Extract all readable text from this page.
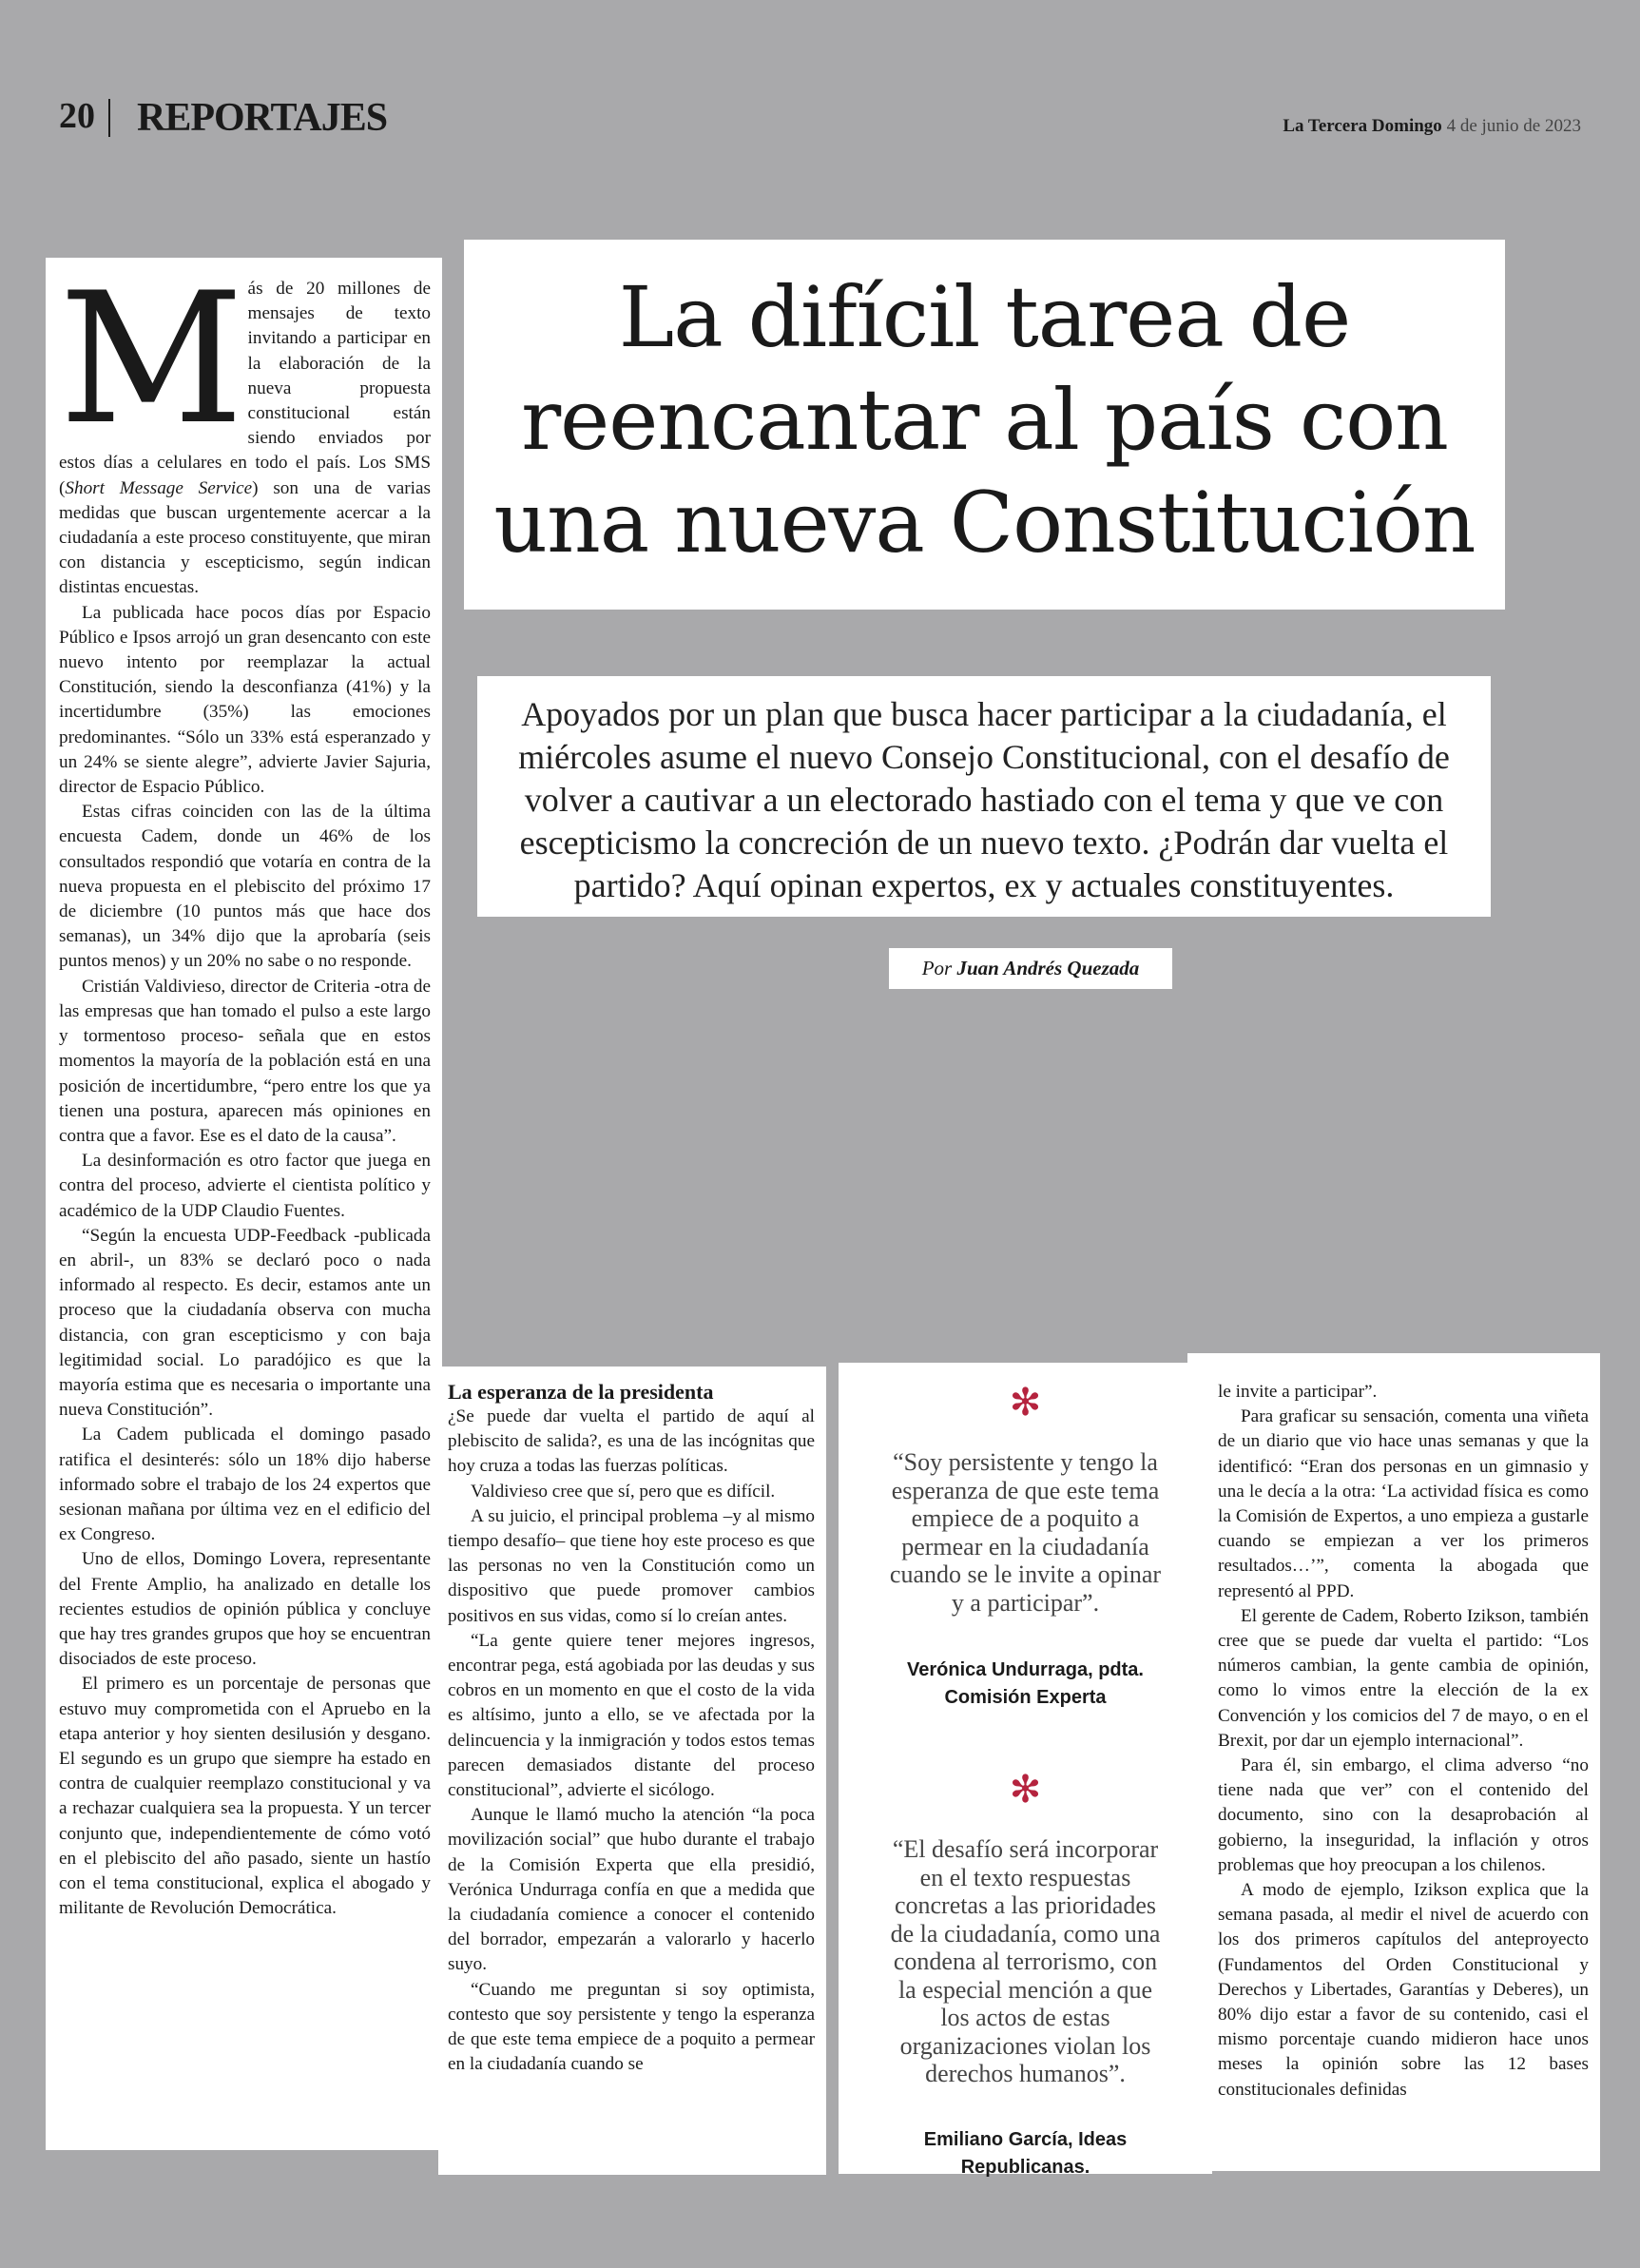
20 REPORTAJES	La Tercera Domingo 4 de junio de 2023
La difícil tarea de
reencantar al país con
una nueva Constitución
Apoyados por un plan que busca hacer participar a la ciudadanía, el
miércoles asume el nuevo Consejo Constitucional, con el desafío de
volver a cautivar a un electorado hastiado con el tema y que ve con
escepticismo la concreción de un nuevo texto. ¿Podrán dar vuelta el
partido? Aquí opinan expertos, ex y actuales constituyentes.
Por Juan Andrés Quezada
M ás de 20 millones de mensajes de texto invitando a participar en la elaboración de la nueva propuesta constitucional están siendo enviados por estos días a celulares en todo el país. Los SMS (Short Message Service) son una de varias medidas que buscan urgentemente acercar a la ciudadanía a este proceso constituyente, que miran con distancia y escepticismo, según indican distintas encuestas.

La publicada hace pocos días por Espacio Público e Ipsos arrojó un gran desencanto con este nuevo intento por reemplazar la actual Constitución, siendo la desconfianza (41%) y la incertidumbre (35%) las emociones predominantes. “Sólo un 33% está esperanzado y un 24% se siente alegre”, advierte Javier Sajuria, director de Espacio Público.

Estas cifras coinciden con las de la última encuesta Cadem, donde un 46% de los consultados respondió que votaría en contra de la nueva propuesta en el plebiscito del próximo 17 de diciembre (10 puntos más que hace dos semanas), un 34% dijo que la aprobaría (seis puntos menos) y un 20% no sabe o no responde.

Cristián Valdivieso, director de Criteria -otra de las empresas que han tomado el pulso a este largo y tormentoso proceso- señala que en estos momentos la mayoría de la población está en una posición de incertidumbre, “pero entre los que ya tienen una postura, aparecen más opiniones en contra que a favor. Ese es el dato de la causa”.

La desinformación es otro factor que juega en contra del proceso, advierte el cientista político y académico de la UDP Claudio Fuentes.

“Según la encuesta UDP-Feedback -publicada en abril-, un 83% se declaró poco o nada informado al respecto. Es decir, estamos ante un proceso que la ciudadanía observa con mucha distancia, con gran escepticismo y con baja legitimidad social. Lo paradójico es que la mayoría estima que es necesaria o importante una nueva Constitución”.

La Cadem publicada el domingo pasado ratifica el desinterés: sólo un 18% dijo haberse informado sobre el trabajo de los 24 expertos que sesionan mañana por última vez en el edificio del ex Congreso.

Uno de ellos, Domingo Lovera, representante del Frente Amplio, ha analizado en detalle los recientes estudios de opinión pública y concluye que hay tres grandes grupos que hoy se encuentran disociados de este proceso.

El primero es un porcentaje de personas que estuvo muy comprometida con el Apruebo en la etapa anterior y hoy sienten desilusión y desgano. El segundo es un grupo que siempre ha estado en contra de cualquier reemplazo constitucional y va a rechazar cualquiera sea la propuesta. Y un tercer conjunto que, independientemente de cómo votó en el plebiscito del año pasado, siente un hastío con el tema constitucional, explica el abogado y militante de Revolución Democrática.

La esperanza de la presidenta

¿Se puede dar vuelta el partido de aquí al plebiscito de salida?, es una de las incógnitas que hoy cruza a todas las fuerzas políticas.

Valdivieso cree que sí, pero que es difícil.

A su juicio, el principal problema –y al mismo tiempo desafío– que tiene hoy este proceso es que las personas no ven la Constitución como un dispositivo que puede promover cambios positivos en sus vidas, como sí lo creían antes.

“La gente quiere tener mejores ingresos, encontrar pega, está agobiada por las deudas y sus cobros en un momento en que el costo de la vida es altísimo, junto a ello, se ve afectada por la delincuencia y la inmigración y todos estos temas parecen demasiados distante del proceso constitucional”, advierte el sicólogo.

Aunque le llamó mucho la atención “la poca movilización social” que hubo durante el trabajo de la Comisión Experta que ella presidió, Verónica Undurraga confía en que a medida que la ciudadanía comience a conocer el contenido del borrador, empezarán a valorarlo y hacerlo suyo.

“Cuando me preguntan si soy optimista, contesto que soy persistente y tengo la esperanza de que este tema empiece de a poquito a permear en la ciudadanía cuando se

✻
“Soy persistente y tengo la
esperanza de que este tema
empiece de a poquito a
permear en la ciudadanía
cuando se le invite a opinar
y a participar”.
Verónica Undurraga, pdta.
Comisión Experta
✻
“El desafío será incorporar
en el texto respuestas
concretas a las prioridades
de la ciudadanía, como una
condena al terrorismo, con
la especial mención a que
los actos de estas
organizaciones violan los
derechos humanos”.
Emiliano García, Ideas
Republicanas.

le invite a participar”.

Para graficar su sensación, comenta una viñeta de un diario que vio hace unas semanas y que la identificó: “Eran dos personas en un gimnasio y una le decía a la otra: ‘La actividad física es como la Comisión de Expertos, a uno empieza a gustarle cuando se empiezan a ver los primeros resultados…’”, comenta la abogada que representó al PPD.

El gerente de Cadem, Roberto Izikson, también cree que se puede dar vuelta el partido: “Los números cambian, la gente cambia de opinión, como lo vimos entre la elección de la ex Convención y los comicios del 7 de mayo, o en el Brexit, por dar un ejemplo internacional”.

Para él, sin embargo, el clima adverso “no tiene nada que ver” con el contenido del documento, sino con la desaprobación al gobierno, la inseguridad, la inflación y otros problemas que hoy preocupan a los chilenos.

A modo de ejemplo, Izikson explica que la semana pasada, al medir el nivel de acuerdo con los dos primeros capítulos del anteproyecto (Fundamentos del Orden Constitucional y Derechos y Libertades, Garantías y Deberes), un 80% dijo estar a favor de su contenido, casi el mismo porcentaje cuando midieron hace unos meses la opinión sobre las 12 bases constitucionales definidas
